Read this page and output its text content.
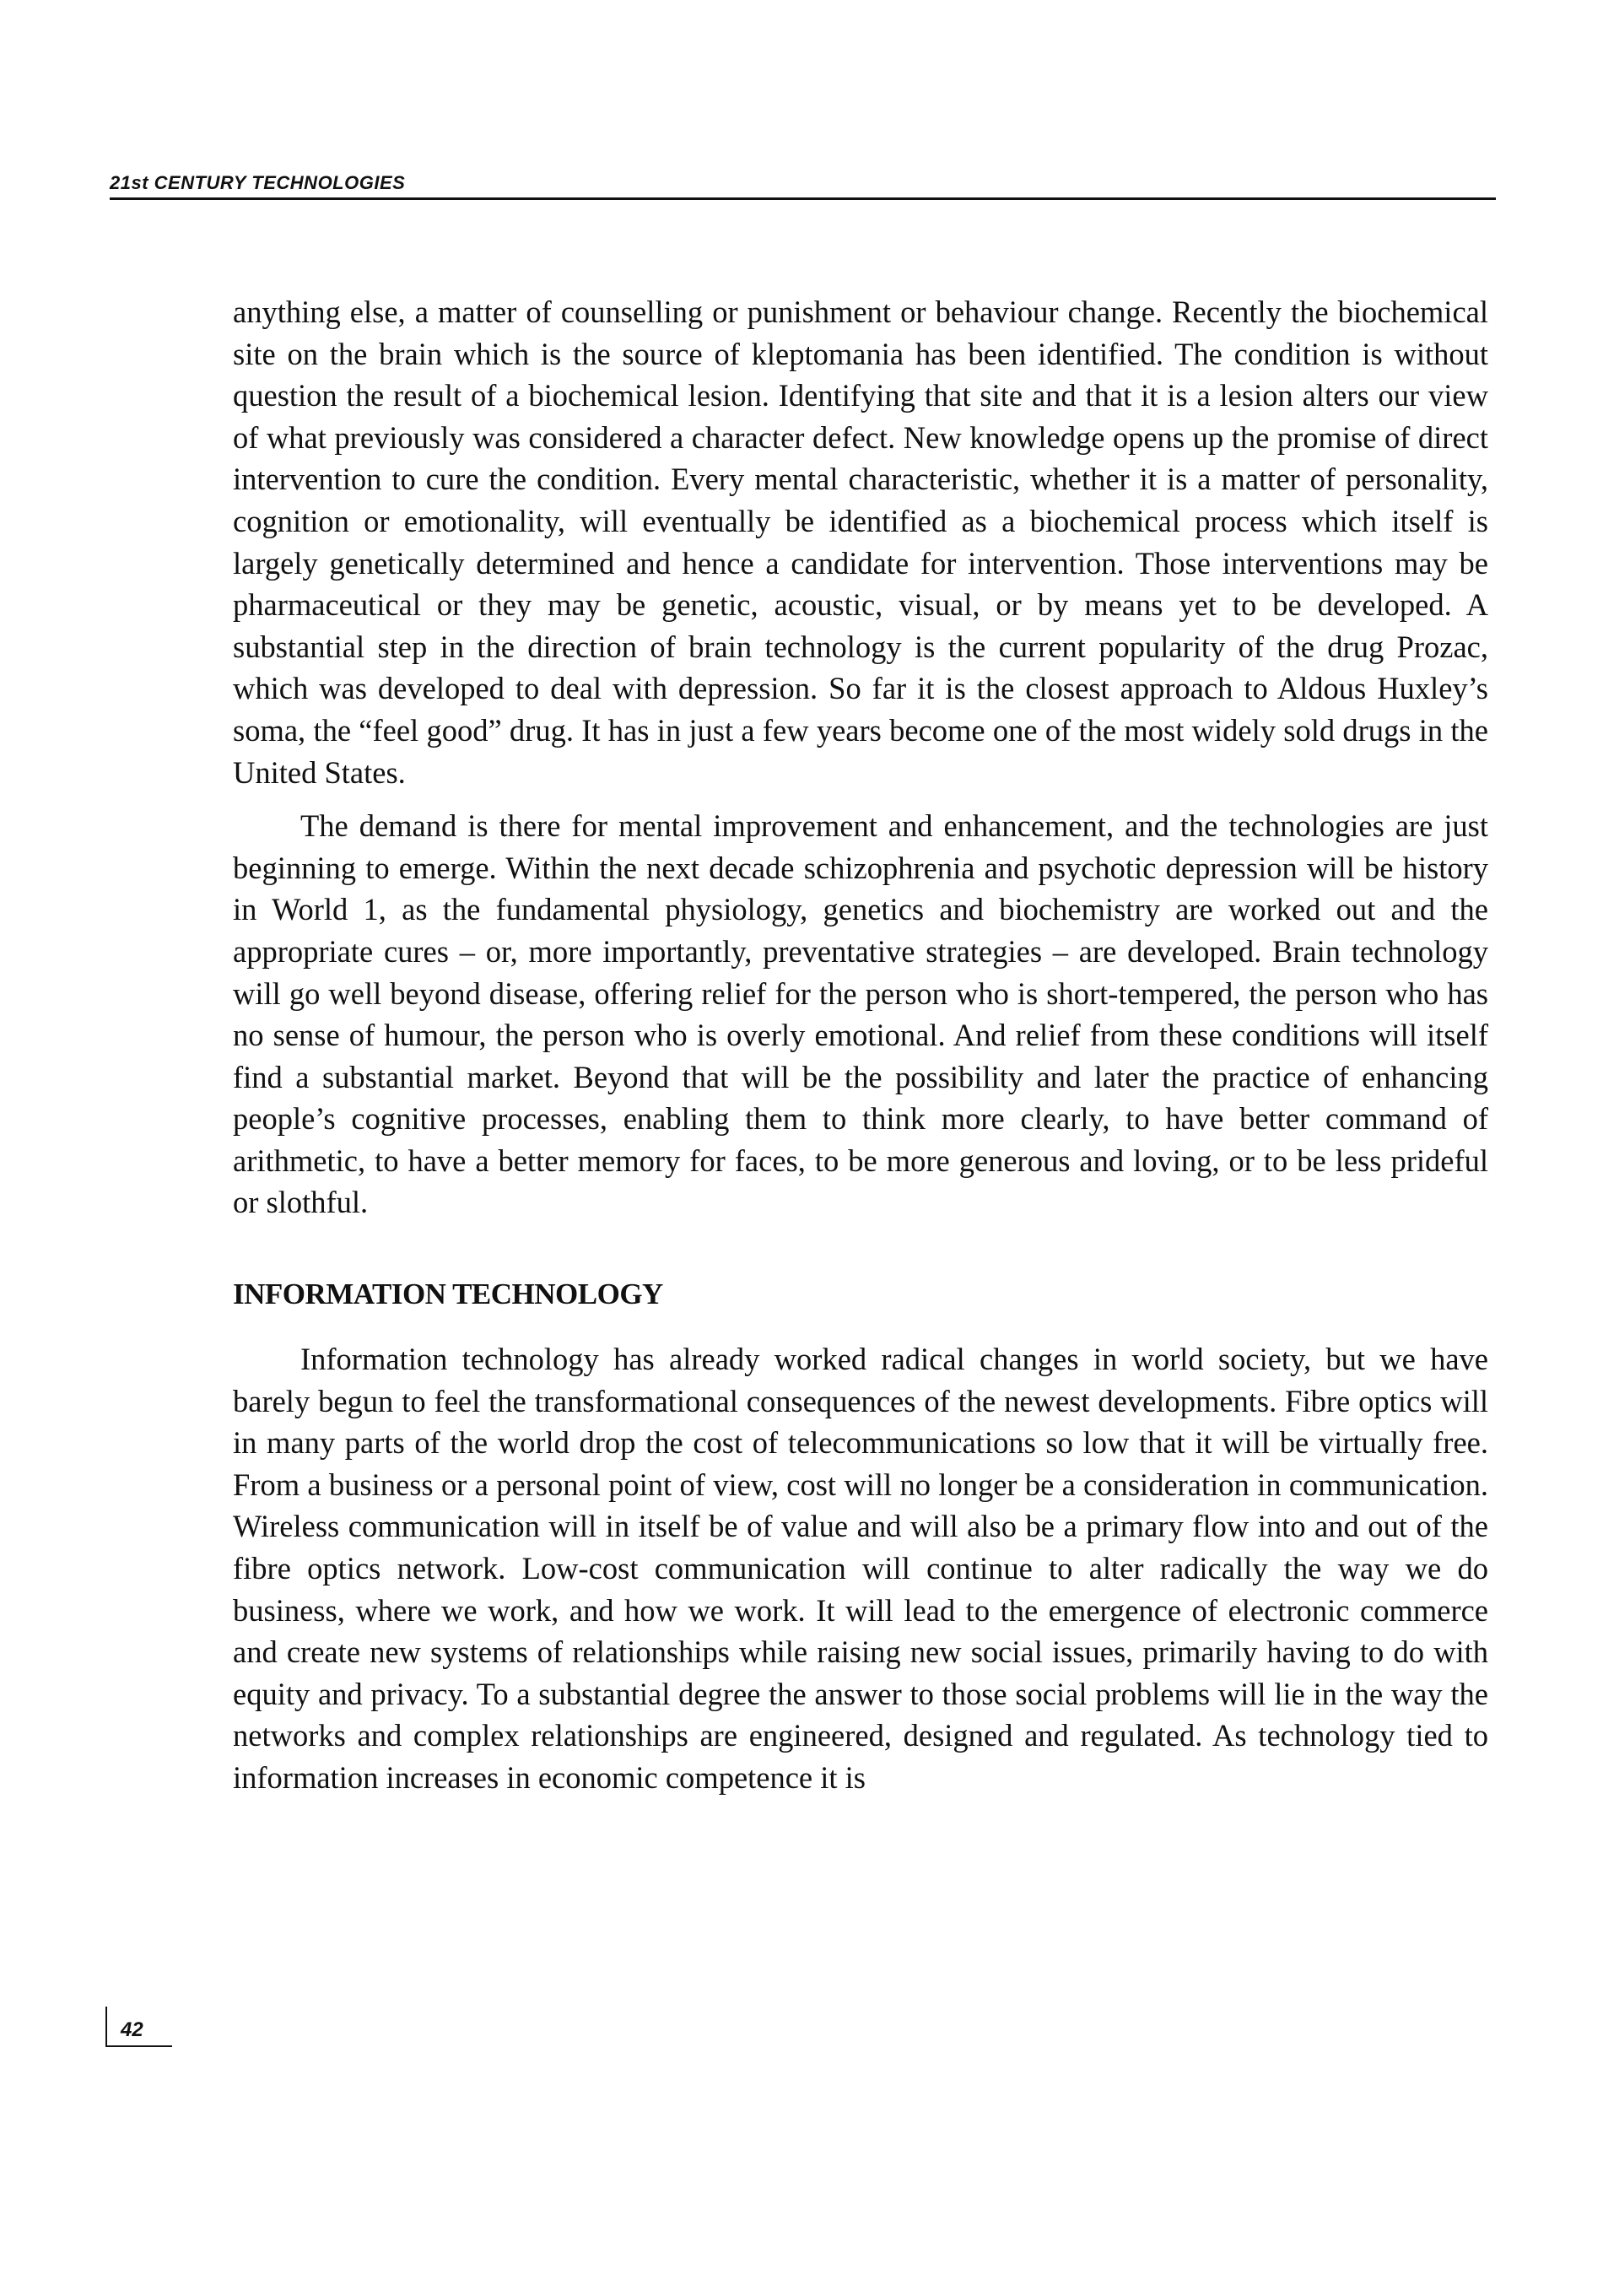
21st CENTURY TECHNOLOGIES

anything else, a matter of counselling or punishment or behaviour change. Recently the biochemical site on the brain which is the source of kleptomania has been identified. The condition is without question the result of a biochemical lesion. Identifying that site and that it is a lesion alters our view of what previously was considered a character defect. New knowledge opens up the promise of direct intervention to cure the condition. Every mental characteristic, whether it is a matter of personality, cognition or emotionality, will eventually be identified as a biochemical process which itself is largely genetically determined and hence a candidate for intervention. Those interventions may be pharmaceutical or they may be genetic, acoustic, visual, or by means yet to be developed. A substantial step in the direction of brain technology is the current popularity of the drug Prozac, which was developed to deal with depression. So far it is the closest approach to Aldous Huxley’s soma, the “feel good” drug. It has in just a few years become one of the most widely sold drugs in the United States.

The demand is there for mental improvement and enhancement, and the technologies are just beginning to emerge. Within the next decade schizophrenia and psychotic depression will be history in World 1, as the fundamental physiology, genetics and biochemistry are worked out and the appropriate cures – or, more importantly, preventative strategies – are developed. Brain technology will go well beyond disease, offering relief for the person who is short-tempered, the person who has no sense of humour, the person who is overly emotional. And relief from these conditions will itself find a substantial market. Beyond that will be the possibility and later the practice of enhancing people’s cognitive processes, enabling them to think more clearly, to have better command of arithmetic, to have a better memory for faces, to be more generous and loving, or to be less prideful or slothful.

INFORMATION TECHNOLOGY

Information technology has already worked radical changes in world society, but we have barely begun to feel the transformational consequences of the newest developments. Fibre optics will in many parts of the world drop the cost of telecommunications so low that it will be virtually free. From a business or a personal point of view, cost will no longer be a consideration in communication. Wireless communication will in itself be of value and will also be a primary flow into and out of the fibre optics network. Low-cost communication will continue to alter radically the way we do business, where we work, and how we work. It will lead to the emergence of electronic commerce and create new systems of relationships while raising new social issues, primarily having to do with equity and privacy. To a substantial degree the answer to those social problems will lie in the way the networks and complex relationships are engineered, designed and regulated. As technology tied to information increases in economic competence it is

42
